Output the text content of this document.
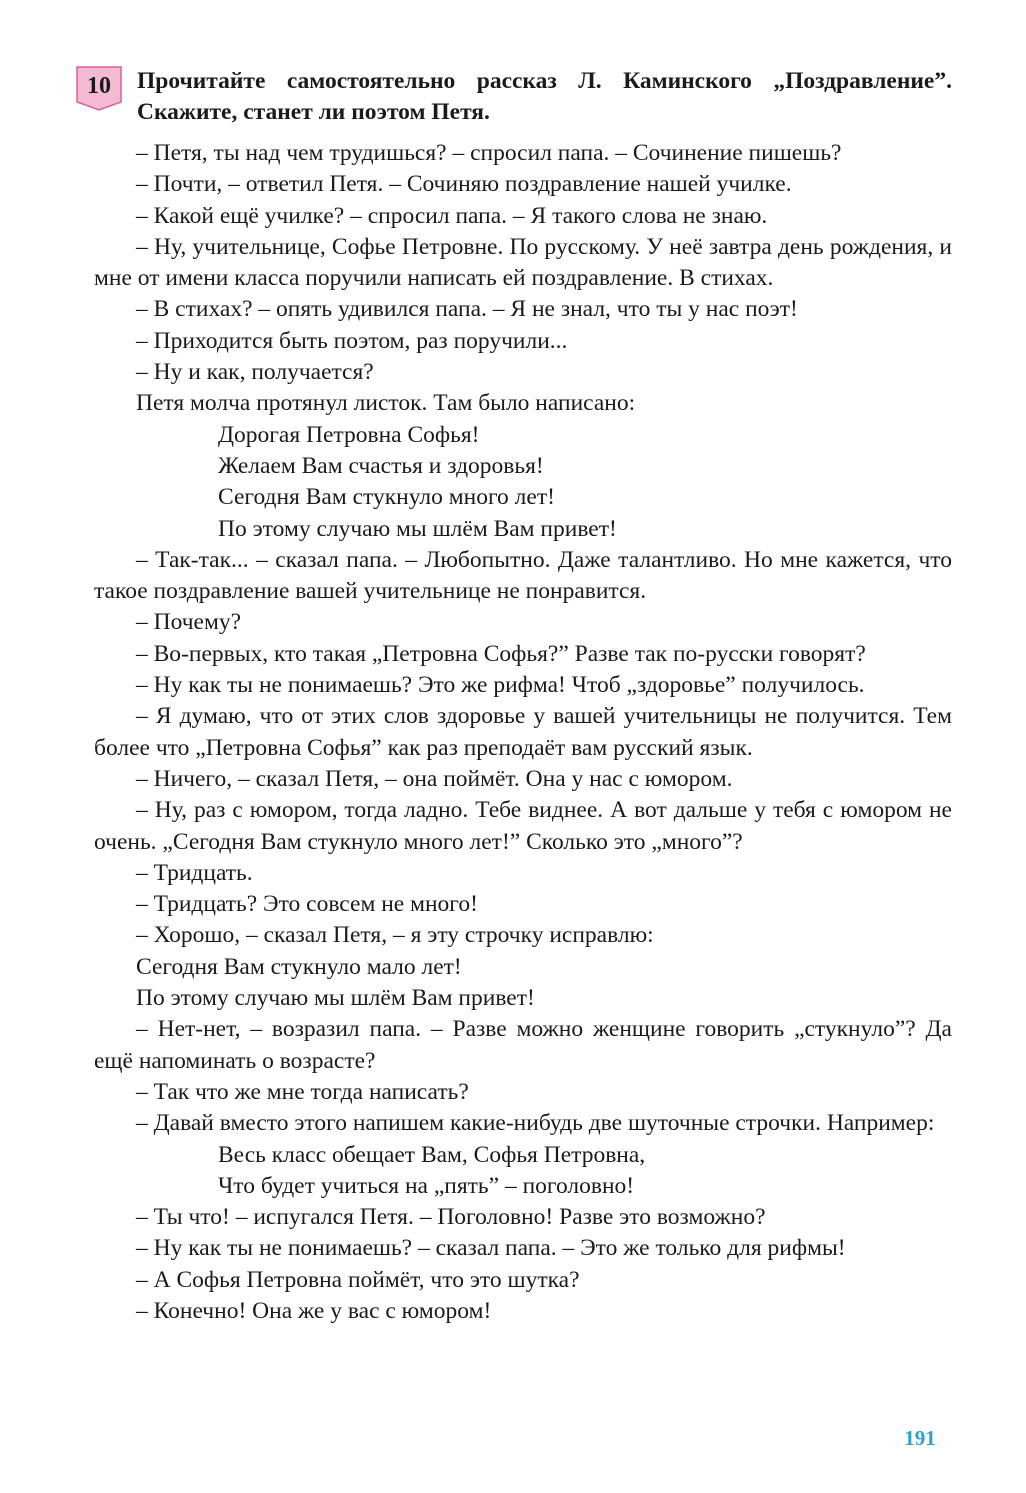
10	Прочитайте самостоятельно рассказ Л. Каминского „Поздравление”.
Скажите, станет ли поэтом Петя.

– Петя, ты над чем трудишься? – спросил папа. – Сочинение пишешь?

– Почти, – ответил Петя. – Сочиняю поздравление нашей училке.

– Какой ещё училке? – спросил папа. – Я такого слова не знаю.

– Ну, учительнице, Софье Петровне. По русскому. У неё завтра день рождения, и мне от имени класса поручили написать ей поздравление. В стихах.

– В стихах? – опять удивился папа. – Я не знал, что ты у нас поэт!

– Приходится быть поэтом, раз поручили...

– Ну и как, получается?

Петя молча протянул листок. Там было написано:

Дорогая Петровна Софья!

Желаем Вам счастья и здоровья!

Сегодня Вам стукнуло много лет!

По этому случаю мы шлём Вам привет!

– Так-так... – сказал папа. – Любопытно. Даже талантливо. Но мне кажется, что такое поздравление вашей учительнице не понравится.

– Почему?

– Во-первых, кто такая „Петровна Софья?” Разве так по-русски говорят?

– Ну как ты не понимаешь? Это же рифма! Чтоб „здоровье” получилось.

– Я думаю, что от этих слов здоровье у вашей учительницы не получится. Тем более что „Петровна Софья” как раз преподаёт вам русский язык.

– Ничего, – сказал Петя, – она поймёт. Она у нас с юмором.

– Ну, раз с юмором, тогда ладно. Тебе виднее. А вот дальше у тебя с юмором не очень. „Сегодня Вам стукнуло много лет!” Сколько это „много”?

– Тридцать.

– Тридцать? Это совсем не много!

– Хорошо, – сказал Петя, – я эту строчку исправлю:

Сегодня Вам стукнуло мало лет!

По этому случаю мы шлём Вам привет!

– Нет-нет, – возразил папа. – Разве можно женщине говорить „стукнуло”? Да ещё напоминать о возрасте?

– Так что же мне тогда написать?

– Давай вместо этого напишем какие-нибудь две шуточные строчки. Например:

Весь класс обещает Вам, Софья Петровна,

Что будет учиться на „пять” – поголовно!

– Ты что! – испугался Петя. – Поголовно! Разве это возможно?

– Ну как ты не понимаешь? – сказал папа. – Это же только для рифмы!

– А Софья Петровна поймёт, что это шутка?

– Конечно! Она же у вас с юмором!

191
